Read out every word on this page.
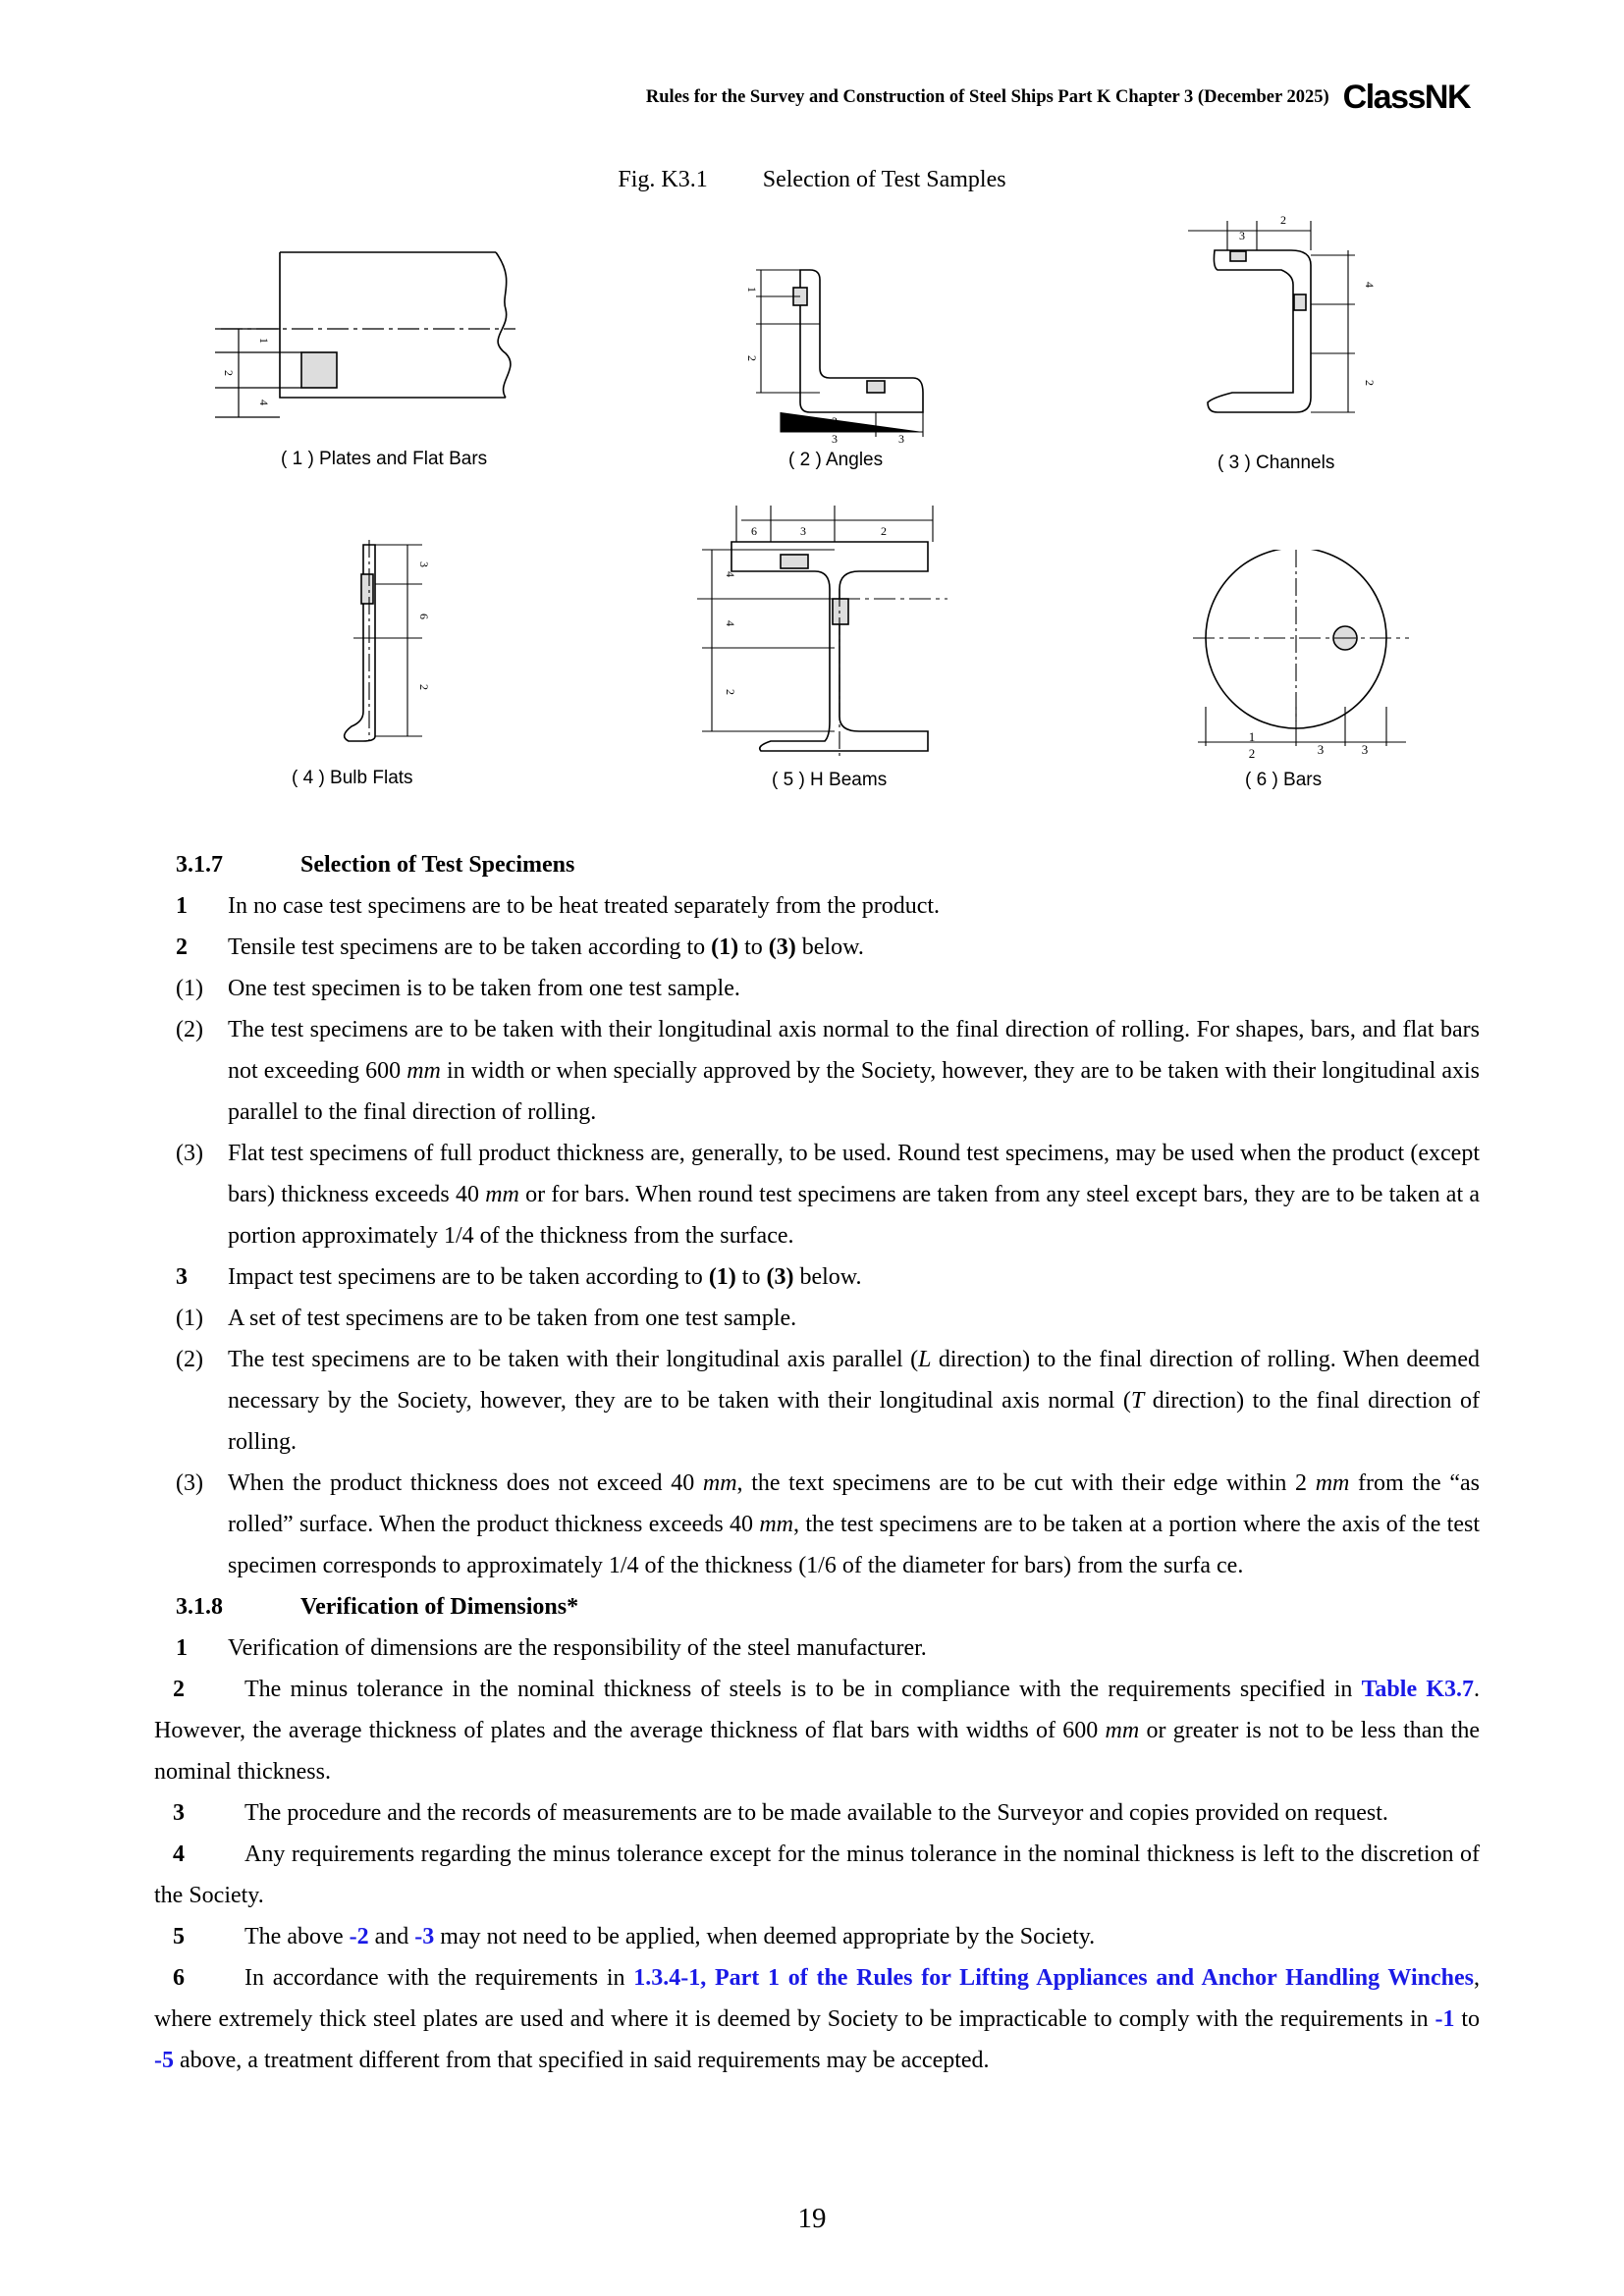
Rules for the Survey and Construction of Steel Ships Part K Chapter 3 (December 2025) ClassNK
Fig. K3.1 Selection of Test Samples
1
2
4
( 1 ) Plates and Flat Bars
1
2
2
3	3
( 2 ) Angles
3
2
4
2
( 3 ) Channels
3
6
2
( 4 ) Bulb Flats
6	3	2
4
4
2
( 5 ) H Beams
1
2	3	3
( 6 ) Bars
3.1.7	Selection of Test Specimens
1	In no case test specimens are to be heat treated separately from the product.
2	Tensile test specimens are to be taken according to (1) to (3) below.
(1)	One test specimen is to be taken from one test sample.
(2)	The test specimens are to be taken with their longitudinal axis normal to the final direction of rolling. For shapes, bars, and flat bars not exceeding 600 mm in width or when specially approved by the Society, however, they are to be taken with their longitudinal axis parallel to the final direction of rolling.
(3)	Flat test specimens of full product thickness are, generally, to be used. Round test specimens, may be used when the product (except bars) thickness exceeds 40 mm or for bars. When round test specimens are taken from any steel except bars, they are to be taken at a portion approximately 1/4 of the thickness from the surface.
3	Impact test specimens are to be taken according to (1) to (3) below.
(1)	A set of test specimens are to be taken from one test sample.
(2)	The test specimens are to be taken with their longitudinal axis parallel (L direction) to the final direction of rolling. When deemed necessary by the Society, however, they are to be taken with their longitudinal axis normal (T direction) to the final direction of rolling.
(3)	When the product thickness does not exceed 40 mm, the text specimens are to be cut with their edge within 2 mm from the “as rolled” surface. When the product thickness exceeds 40 mm, the test specimens are to be taken at a portion where the axis of the test specimen corresponds to approximately 1/4 of the thickness (1/6 of the diameter for bars) from the surfa ce.
3.1.8	Verification of Dimensions*
1	Verification of dimensions are the responsibility of the steel manufacturer.
2	The minus tolerance in the nominal thickness of steels is to be in compliance with the requirements specified in Table K3.7. However, the average thickness of plates and the average thickness of flat bars with widths of 600 mm or greater is not to be less than the nominal thickness.
3	The procedure and the records of measurements are to be made available to the Surveyor and copies provided on request.
4	Any requirements regarding the minus tolerance except for the minus tolerance in the nominal thickness is left to the discretion of the Society.
5	The above -2 and -3 may not need to be applied, when deemed appropriate by the Society.
6	In accordance with the requirements in 1.3.4-1, Part 1 of the Rules for Lifting Appliances and Anchor Handling Winches, where extremely thick steel plates are used and where it is deemed by Society to be impracticable to comply with the requirements in -1 to -5 above, a treatment different from that specified in said requirements may be accepted.
19
